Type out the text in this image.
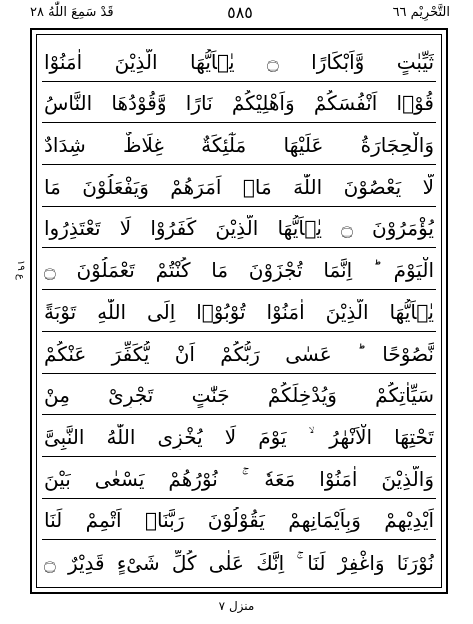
قَدْ سَمِعَ اللّٰهُ ٢٨	٥٨٥	التَّحْرِيْم ٦٦
ع ١٩
ثَيِّبٰتٍ وَّاَبْكَارًا ۝ يٰۤاَيُّهَا الَّذِيْنَ اٰمَنُوْا
قُوْۤا اَنْفُسَكُمْ وَاَهْلِيْكُمْ نَارًا وَّقُوْدُهَا النَّاسُ
وَالْحِجَارَةُ عَلَيْهَا مَلٰٓئِكَةٌ غِلَاظٌ شِدَادٌ
لَّا يَعْصُوْنَ اللّٰهَ مَاۤ اَمَرَهُمْ وَيَفْعَلُوْنَ مَا
يُؤْمَرُوْنَ ۝ يٰۤاَيُّهَا الَّذِيْنَ كَفَرُوْا لَا تَعْتَذِرُوا
الْيَوْمَ ؕ اِنَّمَا تُجْزَوْنَ مَا كُنْتُمْ تَعْمَلُوْنَ ۝
يٰۤاَيُّهَا الَّذِيْنَ اٰمَنُوْا تُوْبُوْۤا اِلَى اللّٰهِ تَوْبَةً
نَّصُوْحًا ؕ عَسٰى رَبُّكُمْ اَنْ يُّكَفِّرَ عَنْكُمْ
سَيِّاٰتِكُمْ وَيُدْخِلَكُمْ جَنّٰتٍ تَجْرِىْ مِنْ
تَحْتِهَا الْاَنْهٰرُ ۙ يَوْمَ لَا يُخْزِى اللّٰهُ النَّبِىَّ
وَالَّذِيْنَ اٰمَنُوْا مَعَهٗ ۚ نُوْرُهُمْ يَسْعٰى بَيْنَ
اَيْدِيْهِمْ وَبِاَيْمَانِهِمْ يَقُوْلُوْنَ رَبَّنَاۤ اَتْمِمْ لَنَا
نُوْرَنَا وَاغْفِرْ لَنَا ۚ اِنَّكَ عَلٰى كُلِّ شَىْءٍ قَدِيْرٌ ۝
منزل ٧
